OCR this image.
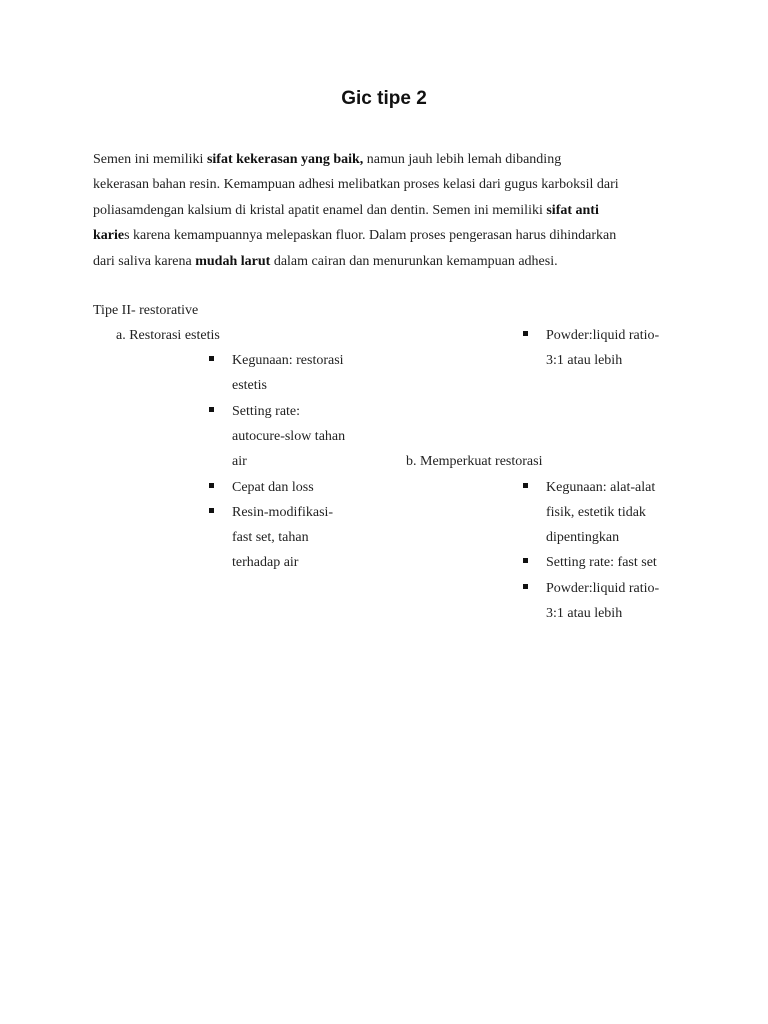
Gic tipe 2
Semen ini memiliki sifat kekerasan yang baik, namun jauh lebih lemah dibanding
kekerasan bahan resin. Kemampuan adhesi melibatkan proses kelasi dari gugus karboksil dari
poliasamdengan kalsium di kristal apatit enamel dan dentin. Semen ini memiliki sifat anti
karies karena kemampuannya melepaskan fluor. Dalam proses pengerasan harus dihindarkan
dari saliva karena mudah larut dalam cairan dan menurunkan kemampuan adhesi.
Tipe II- restorative
a. Restorasi estetis
Kegunaan: restorasi
estetis
Setting rate:
autocure-slow tahan
air
Cepat dan loss
Resin-modifikasi-
fast set, tahan
terhadap air
Powder:liquid ratio-
3:1 atau lebih
b. Memperkuat restorasi
Kegunaan: alat-alat
fisik, estetik tidak
dipentingkan
Setting rate: fast set
Powder:liquid ratio-
3:1 atau lebih
